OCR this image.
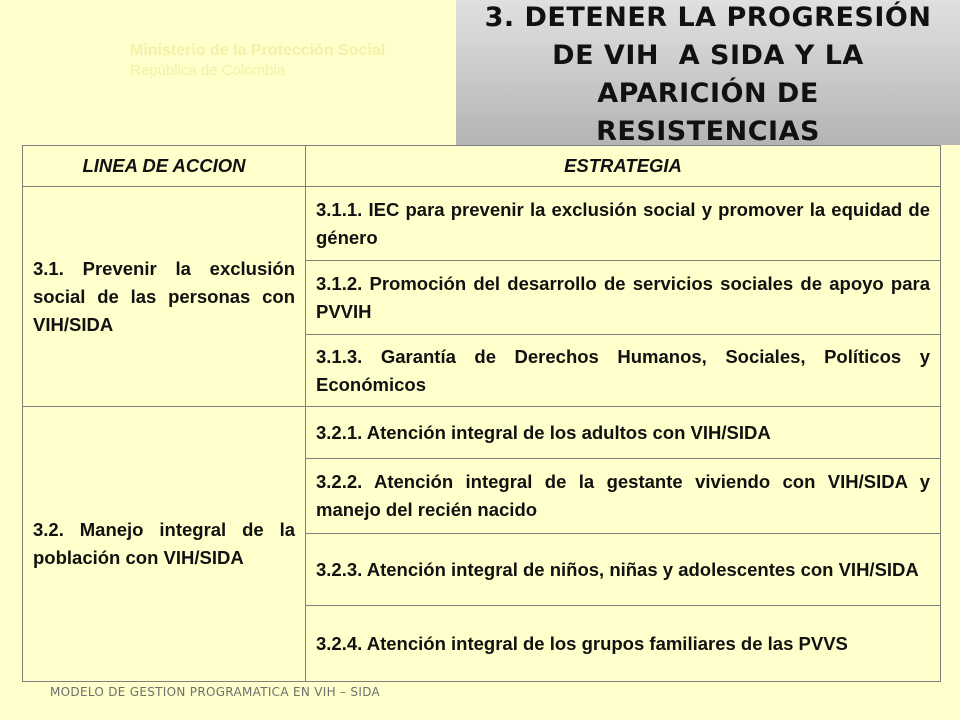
Ministerio de la Protección Social
República de Colombia
3. DETENER LA PROGRESIÓN
DE VIH  A SIDA Y LA
APARICIÓN DE
RESISTENCIAS
LINEA DE ACCION	ESTRATEGIA
3.1. Prevenir la exclusión social de las personas con VIH/SIDA	3.1.1. IEC para prevenir la exclusión social y promover la equidad de género
	3.1.2. Promoción del desarrollo de servicios sociales de apoyo para PVVIH
	3.1.3. Garantía de Derechos Humanos, Sociales, Políticos y Económicos
3.2. Manejo integral de la población con VIH/SIDA	3.2.1. Atención integral de los adultos con VIH/SIDA
	3.2.2. Atención integral de la gestante viviendo con VIH/SIDA y manejo del recién nacido
	3.2.3. Atención integral de niños, niñas y adolescentes con VIH/SIDA
	3.2.4. Atención integral de los grupos familiares de las PVVS
MODELO DE GESTION PROGRAMATICA EN VIH – SIDA
